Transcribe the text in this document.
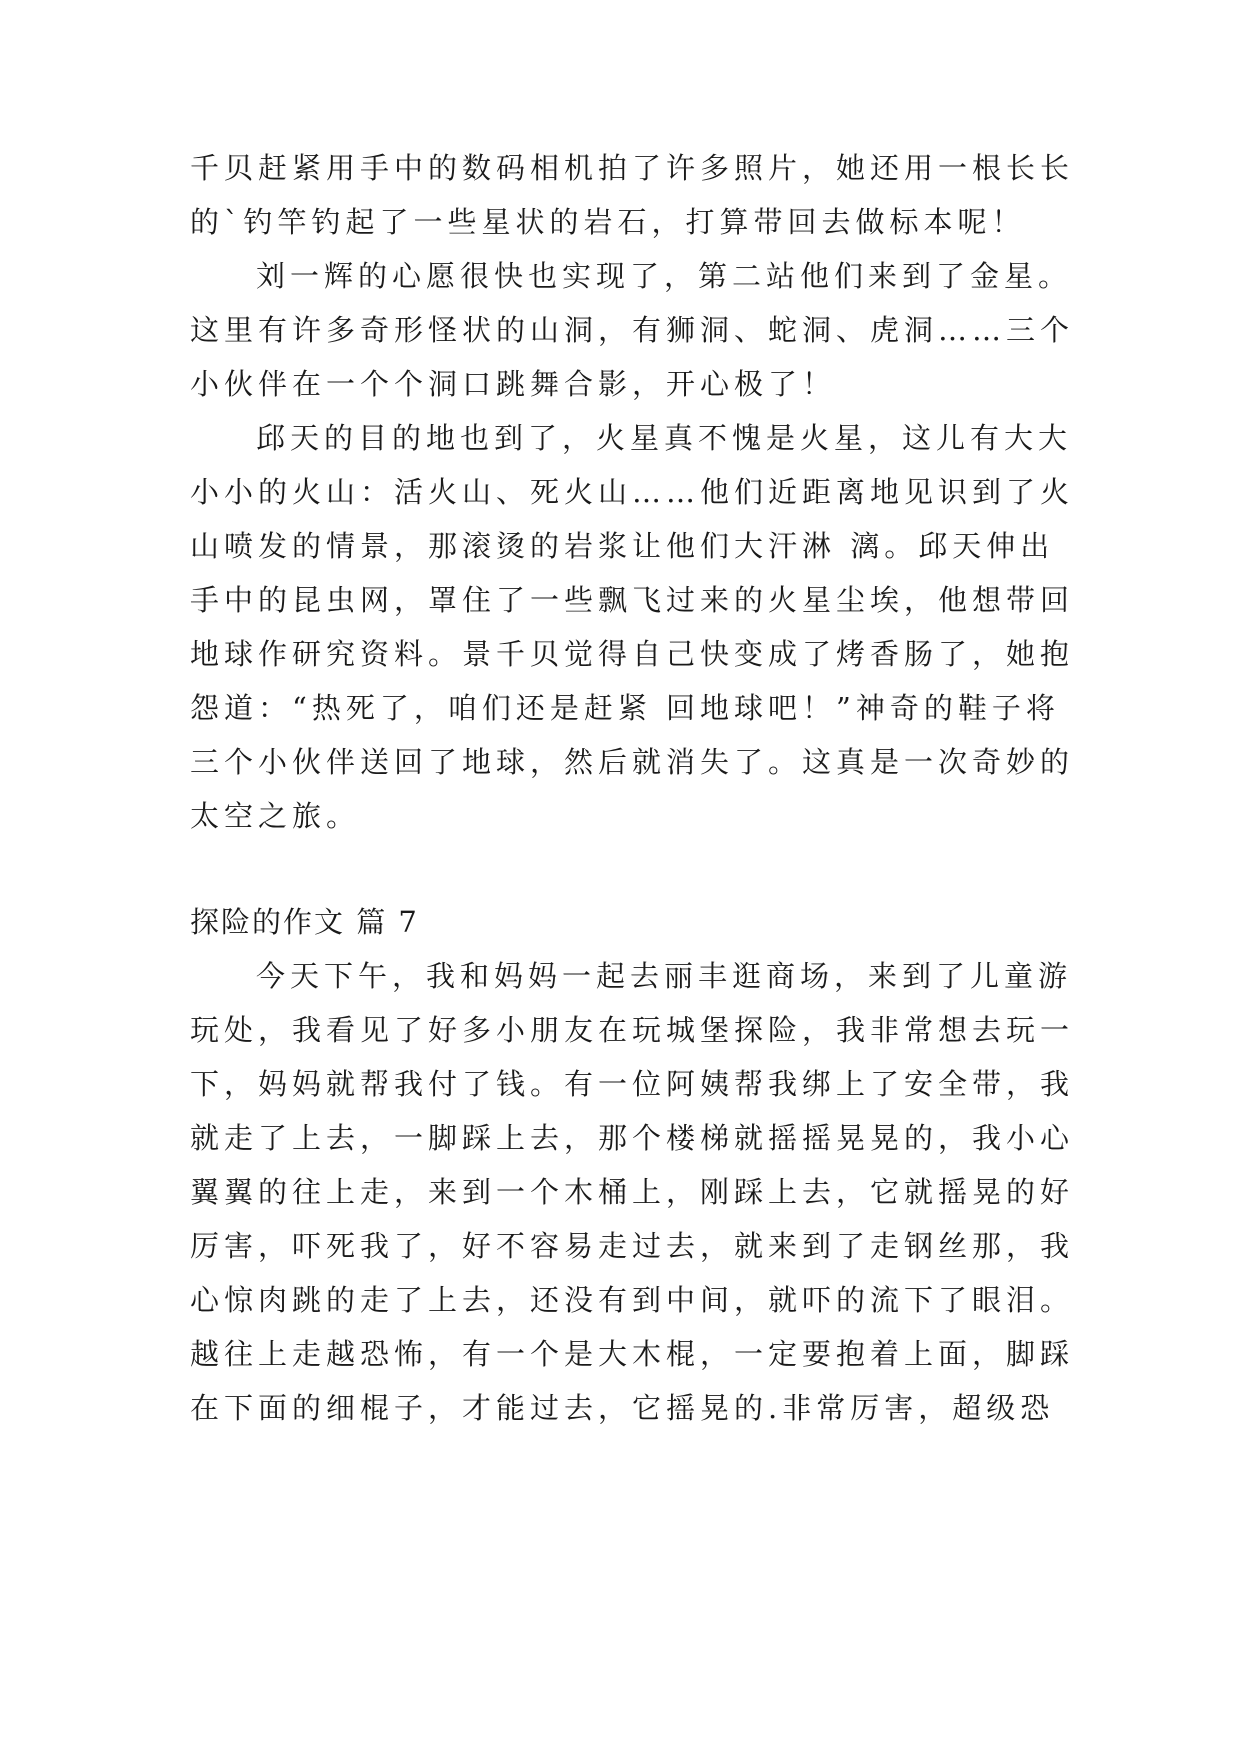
千贝赶紧用手中的数码相机拍了许多照片，她还用一根长长
的`钓竿钓起了一些星状的岩石，打算带回去做标本呢！
刘一辉的心愿很快也实现了，第二站他们来到了金星。
这里有许多奇形怪状的山洞，有狮洞、蛇洞、虎洞……三个
小伙伴在一个个洞口跳舞合影，开心极了！
邱天的目的地也到了，火星真不愧是火星，这儿有大大
小小的火山：活火山、死火山……他们近距离地见识到了火
山喷发的情景，那滚烫的岩浆让他们大汗淋 漓。邱天伸出
手中的昆虫网，罩住了一些飘飞过来的火星尘埃，他想带回
地球作研究资料。景千贝觉得自己快变成了烤香肠了，她抱
怨道：“热死了，咱们还是赶紧 回地球吧！”神奇的鞋子将
三个小伙伴送回了地球，然后就消失了。这真是一次奇妙的
太空之旅。
探险的作文 篇 7
今天下午，我和妈妈一起去丽丰逛商场，来到了儿童游
玩处，我看见了好多小朋友在玩城堡探险，我非常想去玩一
下，妈妈就帮我付了钱。有一位阿姨帮我绑上了安全带，我
就走了上去，一脚踩上去，那个楼梯就摇摇晃晃的，我小心
翼翼的往上走，来到一个木桶上，刚踩上去，它就摇晃的好
厉害，吓死我了，好不容易走过去，就来到了走钢丝那，我
心惊肉跳的走了上去，还没有到中间，就吓的流下了眼泪。
越往上走越恐怖，有一个是大木棍，一定要抱着上面，脚踩
在下面的细棍子，才能过去，它摇晃的.非常厉害，超级恐
